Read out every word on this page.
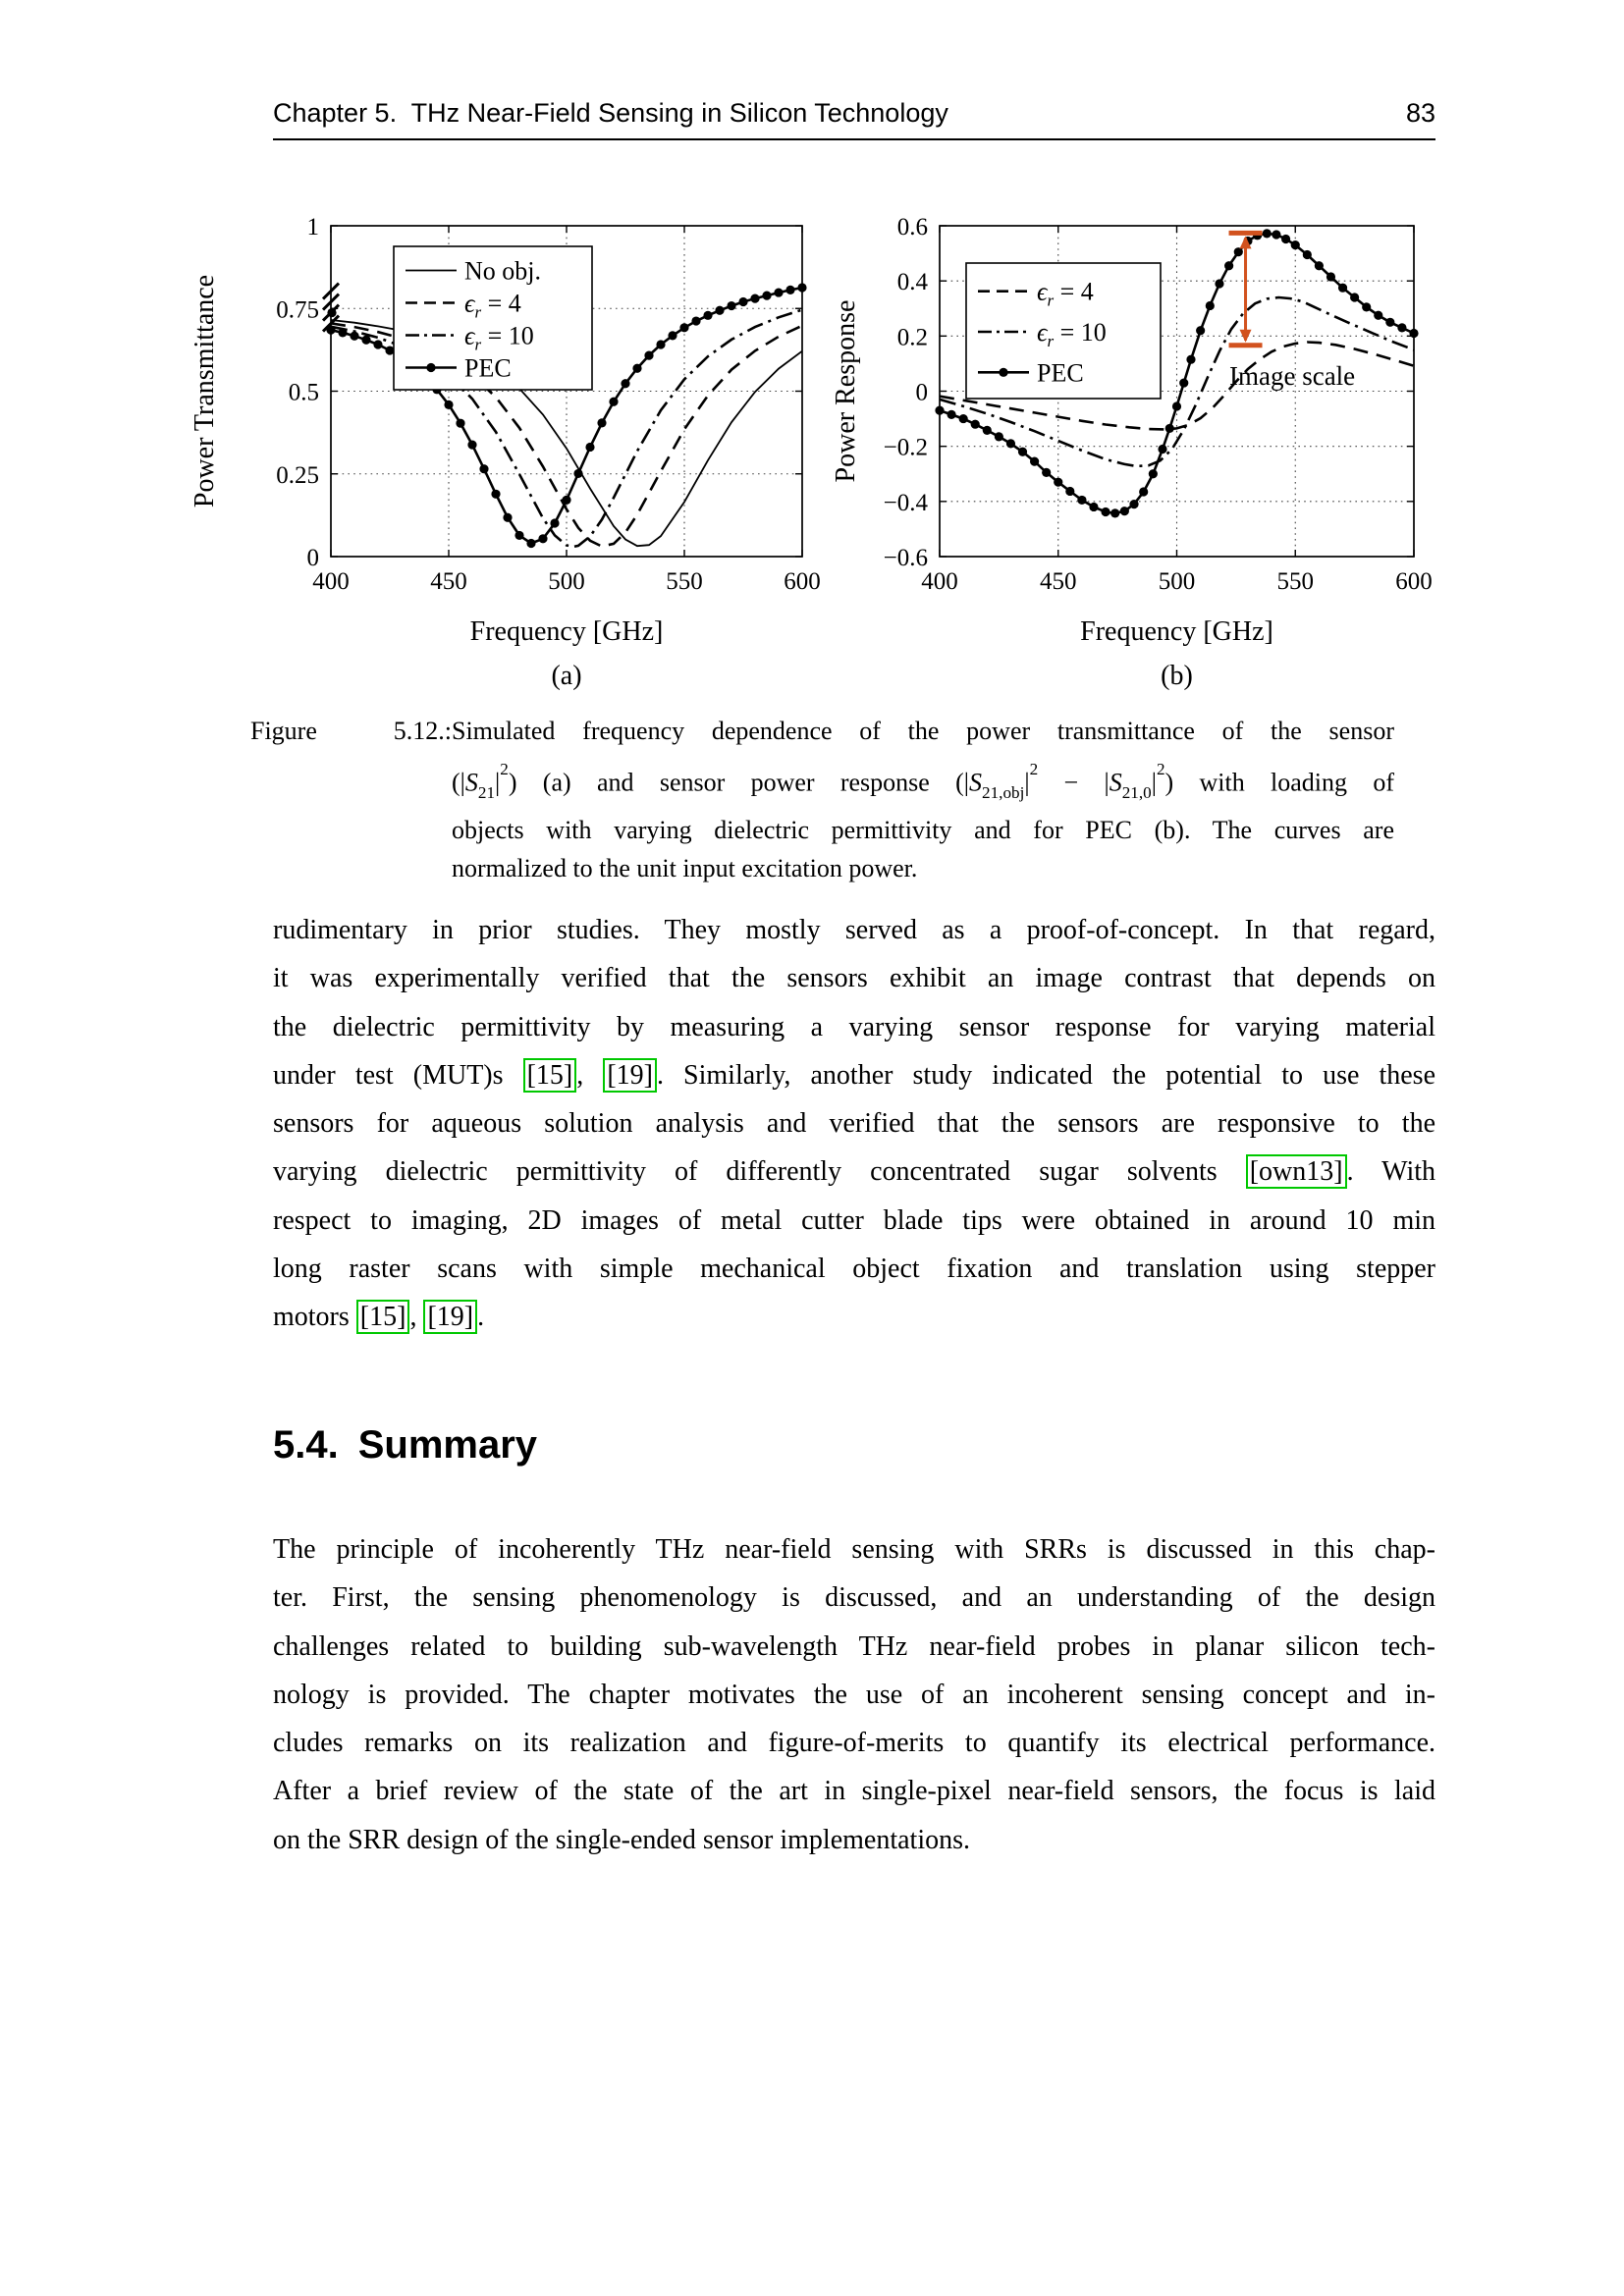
Chapter 5.  THz Near-Field Sensing in Silicon Technology	83
400	450	500	550	600
0
0.25
0.5
0.75
1
Frequency [GHz]
Power Transmittance
(a)
No obj.
$\epsilon_r = 4$
$\epsilon_r = 10$
PEC
400	450	500	550	600
−0.6
−0.4
−0.2
0
0.2
0.4
0.6
Frequency [GHz]
Power Response
(b)
Image scale
$\epsilon_r = 4$
$\epsilon_r = 10$
PEC
Figure 5.12.:Simulated frequency dependence of the power transmittance of the sensor
$(|S_{21}|^2)$ (a) and sensor power response $(|S_{21,obj}|^2 - |S_{21,0}|^2)$ with loading of
objects with varying dielectric permittivity and for PEC (b). The curves are
normalized to the unit input excitation power.
rudimentary in prior studies. They mostly served as a proof-of-concept. In that regard,
it was experimentally verified that the sensors exhibit an image contrast that depends on
the dielectric permittivity by measuring a varying sensor response for varying material
under test (MUT)s [15] , [19] . Similarly, another study indicated the potential to use these
sensors for aqueous solution analysis and verified that the sensors are responsive to the
varying dielectric permittivity of differently concentrated sugar solvents [own13] . With
respect to imaging, 2D images of metal cutter blade tips were obtained in around 10 min
long raster scans with simple mechanical object fixation and translation using stepper
motors [15] , [19] .
5.4. Summary
The principle of incoherently THz near-field sensing with SRRs is discussed in this chap-
ter. First, the sensing phenomenology is discussed, and an understanding of the design
challenges related to building sub-wavelength THz near-field probes in planar silicon tech-
nology is provided. The chapter motivates the use of an incoherent sensing concept and in-
cludes remarks on its realization and figure-of-merits to quantify its electrical performance.
After a brief review of the state of the art in single-pixel near-field sensors, the focus is laid
on the SRR design of the single-ended sensor implementations.
